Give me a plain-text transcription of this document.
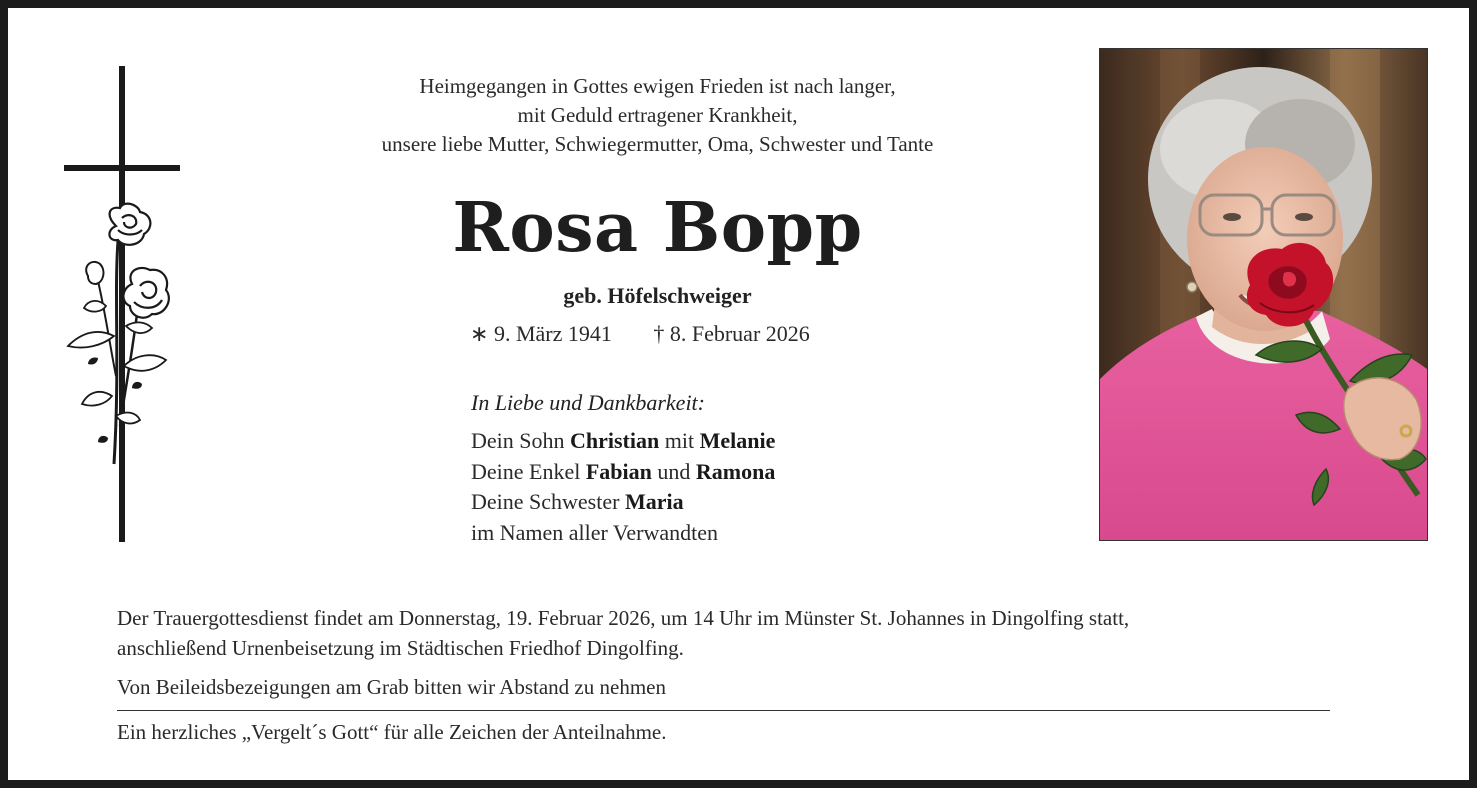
Heimgegangen in Gottes ewigen Frieden ist nach langer,
mit Geduld ertragener Krankheit,
unsere liebe Mutter, Schwiegermutter, Oma, Schwester und Tante
Rosa Bopp
geb. Höfelschweiger
∗ 9. März 1941 † 8. Februar 2026
In Liebe und Dankbarkeit:
Dein Sohn Christian mit Melanie
Deine Enkel Fabian und Ramona
Deine Schwester Maria
im Namen aller Verwandten
Der Trauergottesdienst findet am Donnerstag, 19. Februar 2026, um 14 Uhr im Münster St. Johannes in Dingolfing statt,
anschließend Urnenbeisetzung im Städtischen Friedhof Dingolfing.
Von Beileidsbezeigungen am Grab bitten wir Abstand zu nehmen
Ein herzliches „Vergelt´s Gott“ für alle Zeichen der Anteilnahme.
